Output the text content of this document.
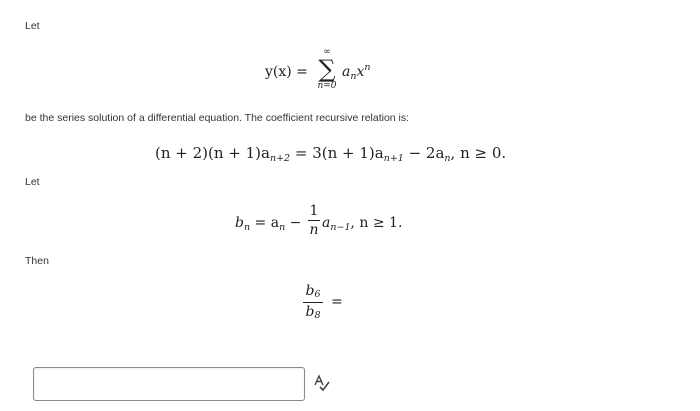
Let
y(x) =
∞
∑
n=0
$a_nx^n$
be the series solution of a differential equation. The coefficient recursive relation is:
$(n + 2)(n + 1)a_{n+2} = 3(n + 1)a_{n+1} - 2a_n$, n ≥ 0.
Let
$b_n = a_n$ −
1
n $a_{n-1}$, n ≥ 1.
Then
b6
b8
=
